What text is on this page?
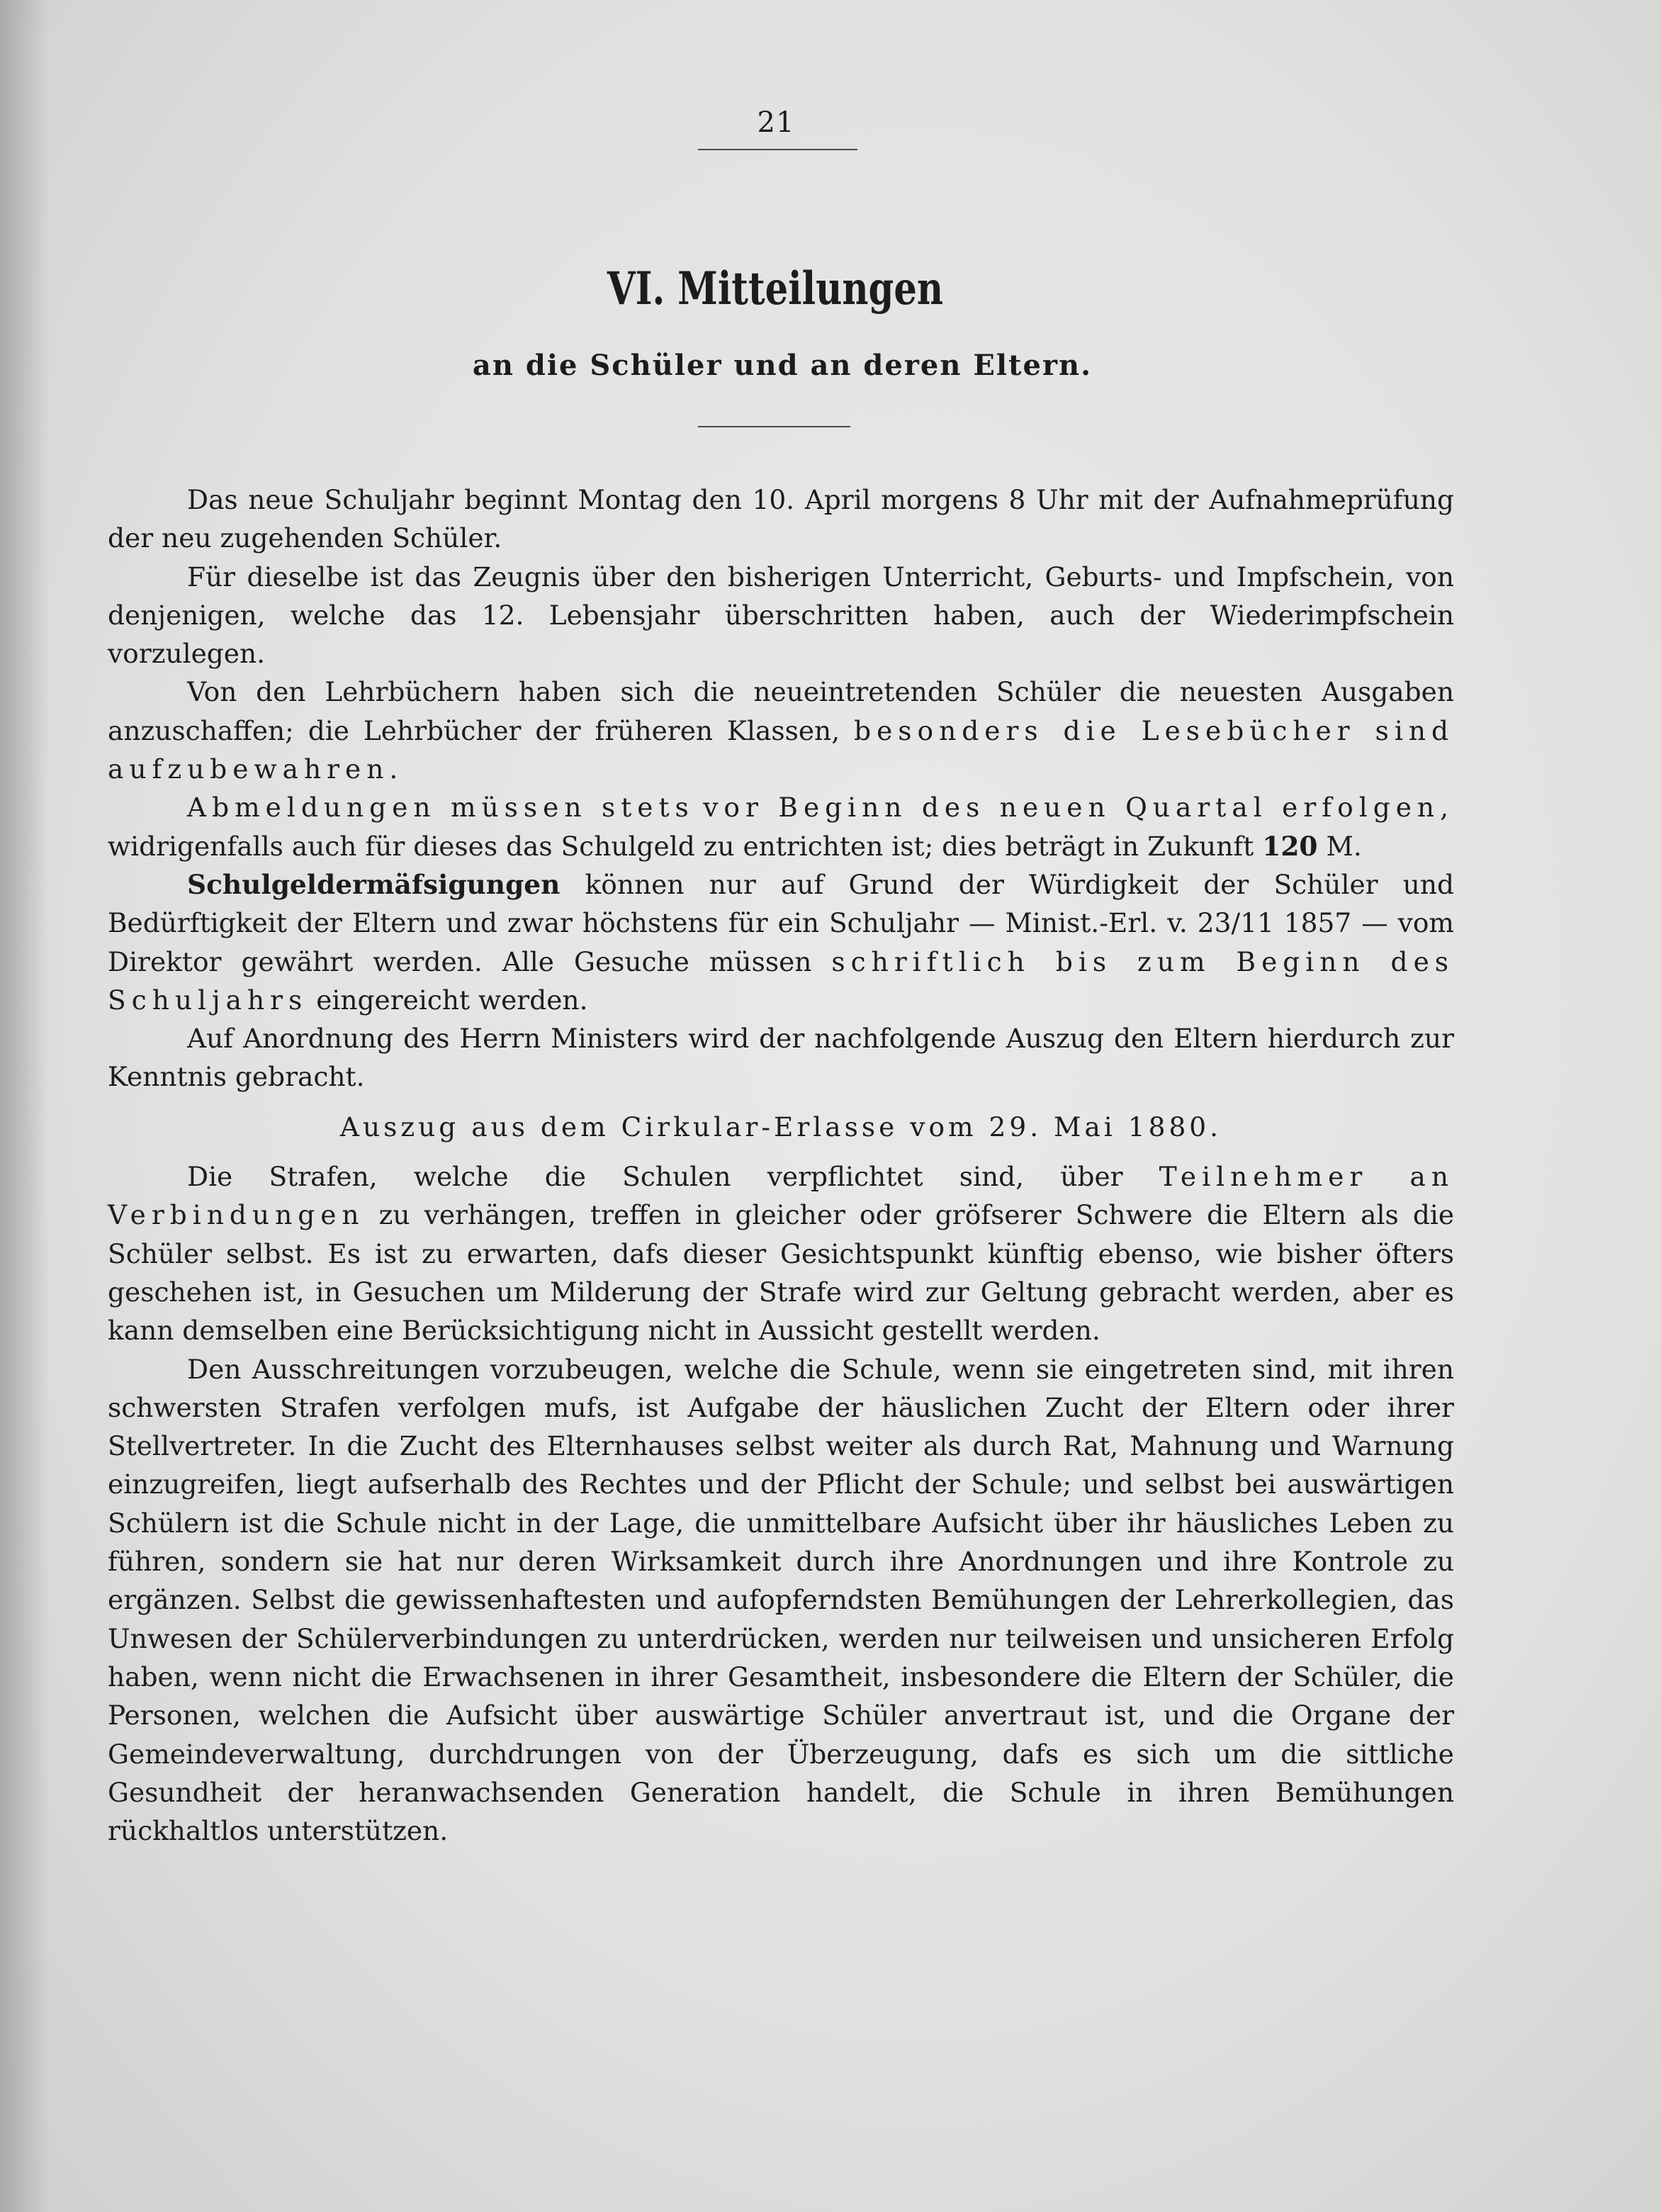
21
VI. Mitteilungen
an die Schüler und an deren Eltern.

Das neue Schuljahr beginnt Montag den 10. April morgens 8 Uhr mit der Aufnahmeprüfung der neu zugehenden Schüler.

Für dieselbe ist das Zeugnis über den bisherigen Unterricht, Geburts- und Impfschein, von denjenigen, welche das 12. Lebensjahr überschritten haben, auch der Wiederimpfschein vorzulegen.

Von den Lehrbüchern haben sich die neueintretenden Schüler die neuesten Ausgaben anzuschaffen; die Lehrbücher der früheren Klassen, besonders die Lesebücher sind aufzubewahren.

Abmeldungen müssen stets vor Beginn des neuen Quartal erfolgen, widrigenfalls auch für dieses das Schulgeld zu entrichten ist; dies beträgt in Zukunft 120 M.

Schulgeldermäfsigungen können nur auf Grund der Würdigkeit der Schüler und Bedürftigkeit der Eltern und zwar höchstens für ein Schuljahr — Minist.-Erl. v. 23/11 1857 — vom Direktor gewährt werden. Alle Gesuche müssen schriftlich bis zum Beginn des Schuljahrs eingereicht werden.

Auf Anordnung des Herrn Ministers wird der nachfolgende Auszug den Eltern hierdurch zur Kenntnis gebracht.

Auszug aus dem Cirkular-Erlasse vom 29. Mai 1880.

Die Strafen, welche die Schulen verpflichtet sind, über Teilnehmer an Verbindungen zu verhängen, treffen in gleicher oder gröfserer Schwere die Eltern als die Schüler selbst. Es ist zu erwarten, dafs dieser Gesichtspunkt künftig ebenso, wie bisher öfters geschehen ist, in Gesuchen um Milderung der Strafe wird zur Geltung gebracht werden, aber es kann demselben eine Berücksichtigung nicht in Aussicht gestellt werden.

Den Ausschreitungen vorzubeugen, welche die Schule, wenn sie eingetreten sind, mit ihren schwersten Strafen verfolgen mufs, ist Aufgabe der häuslichen Zucht der Eltern oder ihrer Stellvertreter. In die Zucht des Elternhauses selbst weiter als durch Rat, Mahnung und Warnung einzugreifen, liegt aufserhalb des Rechtes und der Pflicht der Schule; und selbst bei auswärtigen Schülern ist die Schule nicht in der Lage, die unmittelbare Aufsicht über ihr häusliches Leben zu führen, sondern sie hat nur deren Wirksamkeit durch ihre Anordnungen und ihre Kontrole zu ergänzen. Selbst die gewissenhaftesten und aufopferndsten Bemühungen der Lehrerkollegien, das Unwesen der Schülerverbindungen zu unterdrücken, werden nur teilweisen und unsicheren Erfolg haben, wenn nicht die Erwachsenen in ihrer Gesamtheit, insbesondere die Eltern der Schüler, die Personen, welchen die Aufsicht über auswärtige Schüler anvertraut ist, und die Organe der Gemeindeverwaltung, durchdrungen von der Überzeugung, dafs es sich um die sittliche Gesundheit der heranwachsenden Generation handelt, die Schule in ihren Bemühungen rückhaltlos unterstützen.
